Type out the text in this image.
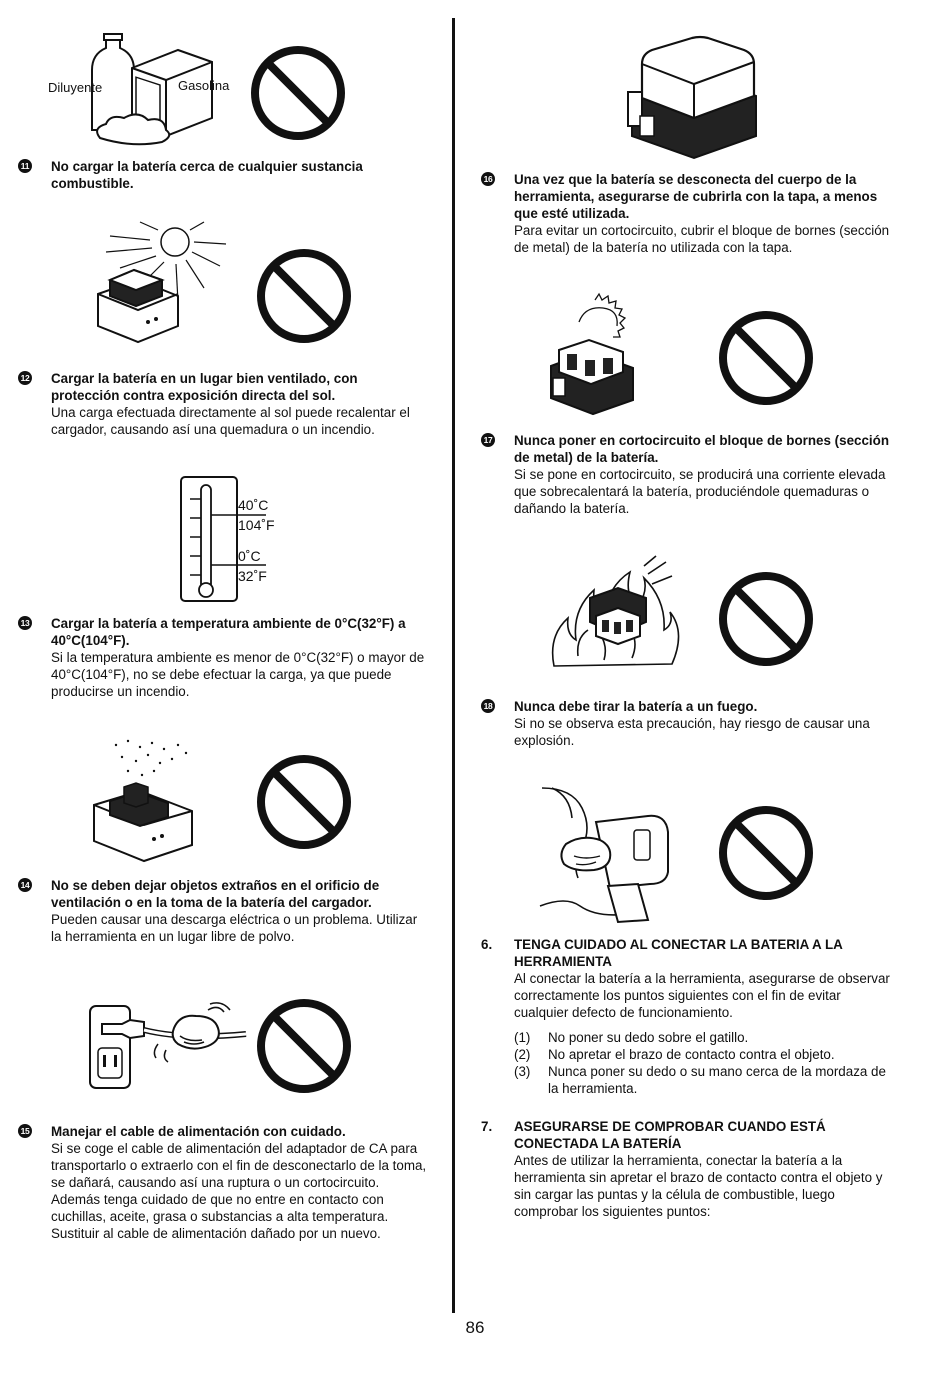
Diluyente	Gasolina
11 No cargar la batería cerca de cualquier sustancia combustible.
12 Cargar la batería en un lugar bien ventilado, con protección contra exposición directa del sol.
Una carga efectuada directamente al sol puede recalentar el cargador, causando así una quemadura o un incendio.
40˚C
104˚F
0˚C
32˚F
13 Cargar la batería a temperatura ambiente de 0°C(32°F) a 40°C(104°F).
Si la temperatura ambiente es menor de 0°C(32°F) o mayor de 40°C(104°F), no se debe efectuar la carga, ya que puede producirse un incendio.
14 No se deben dejar objetos extraños en el orificio de ventilación o en la toma de la batería del cargador.
Pueden causar una descarga eléctrica o un problema. Utilizar la herramienta en un lugar libre de polvo.
15 Manejar el cable de alimentación con cuidado.
Si se coge el cable de alimentación del adaptador de CA para transportarlo o extraerlo con el fin de desconectarlo de la toma, se dañará, causando así una ruptura o un cortocircuito. Además tenga cuidado de que no entre en contacto con cuchillas, aceite, grasa o substancias a alta temperatura. Sustituir al cable de alimentación dañado por un nuevo.
16 Una vez que la batería se desconecta del cuerpo de la herramienta, asegurarse de cubrirla con la tapa, a menos que esté utilizada.
Para evitar un cortocircuito, cubrir el bloque de bornes (sección de metal) de la batería no utilizada con la tapa.
17 Nunca poner en cortocircuito el bloque de bornes (sección de metal) de la batería.
Si se pone en cortocircuito, se producirá una corriente elevada que sobrecalentará la batería, produciéndole quemaduras o dañando la batería.
18 Nunca debe tirar la batería a un fuego.
Si no se observa esta precaución, hay riesgo de causar una explosión.
6. TENGA CUIDADO AL CONECTAR LA BATERIA A LA HERRAMIENTA
Al conectar la batería a la herramienta, asegurarse de observar correctamente los puntos siguientes con el fin de evitar cualquier defecto de funcionamiento.
(1) No poner su dedo sobre el gatillo.
(2) No apretar el brazo de contacto contra el objeto.
(3) Nunca poner su dedo o su mano cerca de la mordaza de la herramienta.
7. ASEGURARSE DE COMPROBAR CUANDO ESTÁ CONECTADA LA BATERÍA
Antes de utilizar la herramienta, conectar la batería a la herramienta sin apretar el brazo de contacto contra el objeto y sin cargar las puntas y la célula de combustible, luego comprobar los siguientes puntos:
86
